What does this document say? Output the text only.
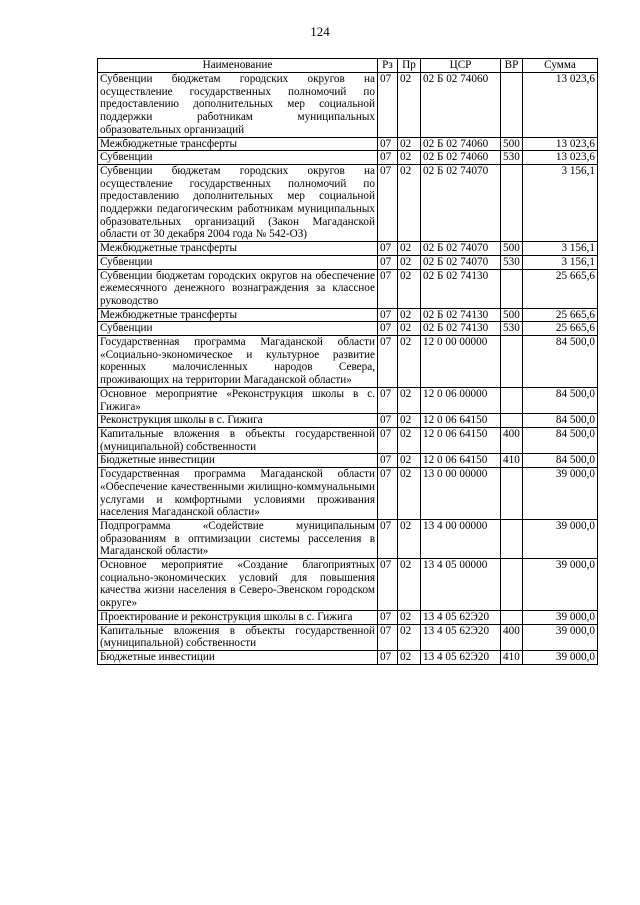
124
Наименование	Рз	Пр	ЦСР	ВР	Сумма
Субвенции бюджетам городских округов на осуществление государственных полномочий по предоставлению дополнительных мер социальной поддержки работникам муниципальных образовательных организаций	07	02	02 Б 02 74060		13 023,6
Межбюджетные трансферты	07	02	02 Б 02 74060	500	13 023,6
Субвенции	07	02	02 Б 02 74060	530	13 023,6
Субвенции бюджетам городских округов на осуществление государственных полномочий по предоставлению дополнительных мер социальной поддержки педагогическим работникам муниципальных образовательных организаций (Закон Магаданской области от 30 декабря 2004 года № 542-ОЗ)	07	02	02 Б 02 74070		3 156,1
Межбюджетные трансферты	07	02	02 Б 02 74070	500	3 156,1
Субвенции	07	02	02 Б 02 74070	530	3 156,1
Субвенции бюджетам городских округов на обеспечение ежемесячного денежного вознаграждения за классное руководство	07	02	02 Б 02 74130		25 665,6
Межбюджетные трансферты	07	02	02 Б 02 74130	500	25 665,6
Субвенции	07	02	02 Б 02 74130	530	25 665,6
Государственная программа Магаданской области «Социально-экономическое и культурное развитие коренных малочисленных народов Севера, проживающих на территории Магаданской области»	07	02	12 0 00 00000		84 500,0
Основное мероприятие «Реконструкция школы в с. Гижига»	07	02	12 0 06 00000		84 500,0
Реконструкция школы в с. Гижига	07	02	12 0 06 64150		84 500,0
Капитальные вложения в объекты государственной (муниципальной) собственности	07	02	12 0 06 64150	400	84 500,0
Бюджетные инвестиции	07	02	12 0 06 64150	410	84 500,0
Государственная программа Магаданской области «Обеспечение качественными жилищно-коммунальными услугами и комфортными условиями проживания населения Магаданской области»	07	02	13 0 00 00000		39 000,0
Подпрограмма «Содействие муниципальным образованиям в оптимизации системы расселения в Магаданской области»	07	02	13 4 00 00000		39 000,0
Основное мероприятие «Создание благоприятных социально-экономических условий для повышения качества жизни населения в Северо-Эвенском городском округе»	07	02	13 4 05 00000		39 000,0
Проектирование и реконструкция школы в с. Гижига	07	02	13 4 05 62Э20		39 000,0
Капитальные вложения в объекты государственной (муниципальной) собственности	07	02	13 4 05 62Э20	400	39 000,0
Бюджетные инвестиции	07	02	13 4 05 62Э20	410	39 000,0
